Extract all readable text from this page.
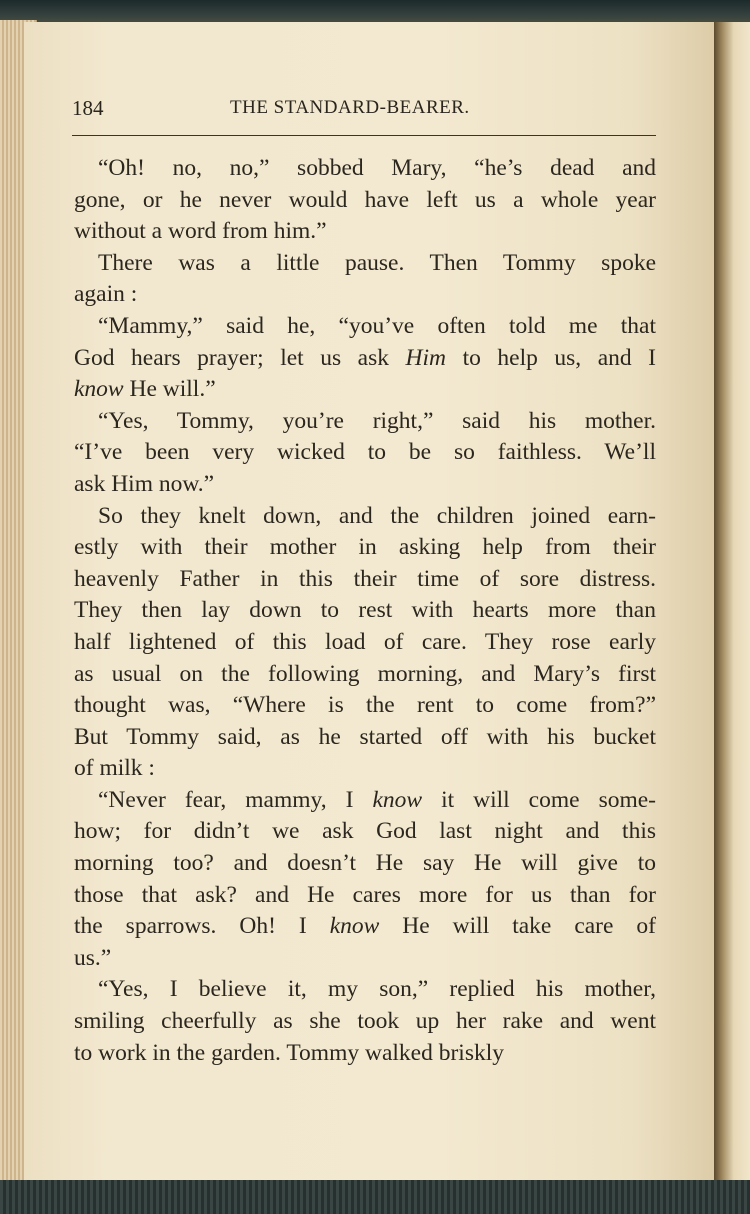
184	THE STANDARD-BEARER.
“Oh! no, no,” sobbed Mary, “he’s dead and
gone, or he never would have left us a whole year
without a word from him.”
There was a little pause. Then Tommy spoke
again :
“Mammy,” said he, “you’ve often told me that
God hears prayer; let us ask Him to help us, and I
know He will.”
“Yes, Tommy, you’re right,” said his mother.
“I’ve been very wicked to be so faithless. We’ll
ask Him now.”
So they knelt down, and the children joined earn-
estly with their mother in asking help from their
heavenly Father in this their time of sore distress.
They then lay down to rest with hearts more than
half lightened of this load of care. They rose early
as usual on the following morning, and Mary’s first
thought was, “Where is the rent to come from?”
But Tommy said, as he started off with his bucket
of milk :
“Never fear, mammy, I know it will come some-
how; for didn’t we ask God last night and this
morning too? and doesn’t He say He will give to
those that ask? and He cares more for us than for
the sparrows. Oh! I know He will take care of
us.”
“Yes, I believe it, my son,” replied his mother,
smiling cheerfully as she took up her rake and went
to work in the garden. Tommy walked briskly
